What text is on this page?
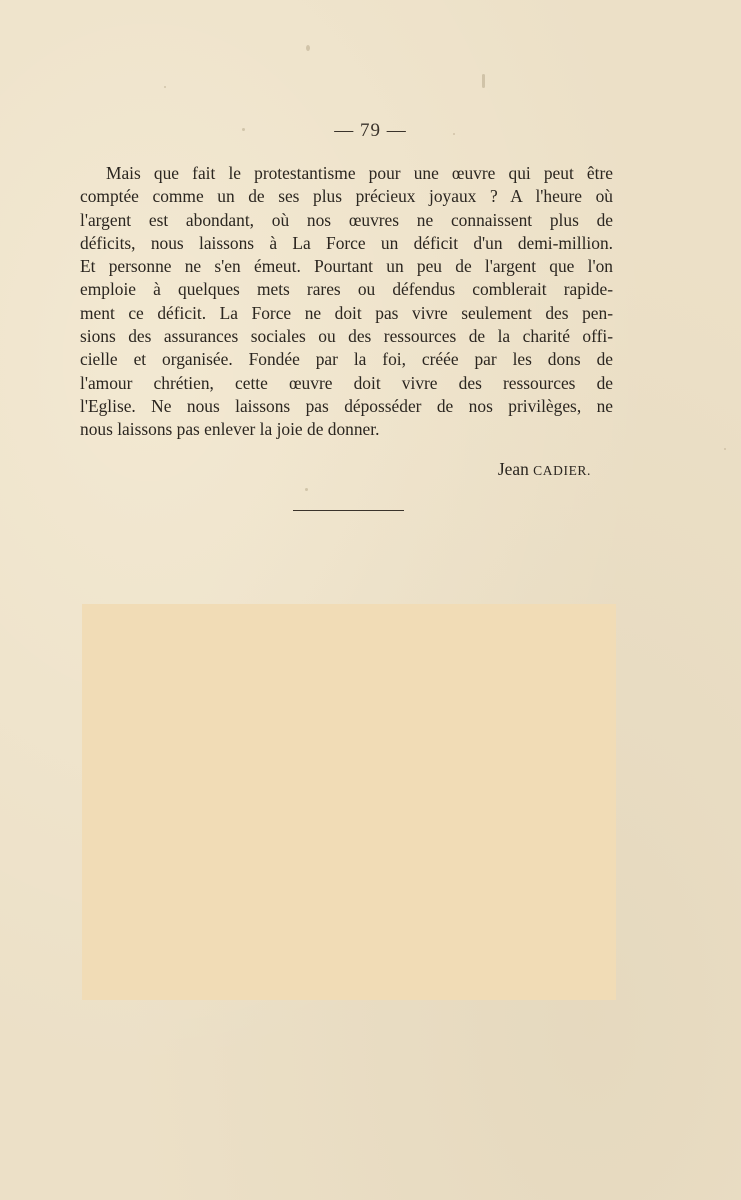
— 79 —
Mais que fait le protestantisme pour une œuvre qui peut être
comptée comme un de ses plus précieux joyaux ? A l'heure où
l'argent est abondant, où nos œuvres ne connaissent plus de
déficits, nous laissons à La Force un déficit d'un demi-million.
Et personne ne s'en émeut. Pourtant un peu de l'argent que l'on
emploie à quelques mets rares ou défendus comblerait rapide-
ment ce déficit. La Force ne doit pas vivre seulement des pen-
sions des assurances sociales ou des ressources de la charité offi-
cielle et organisée. Fondée par la foi, créée par les dons de
l'amour chrétien, cette œuvre doit vivre des ressources de
l'Eglise. Ne nous laissons pas déposséder de nos privilèges, ne
nous laissons pas enlever la joie de donner.
Jean CADIER.
